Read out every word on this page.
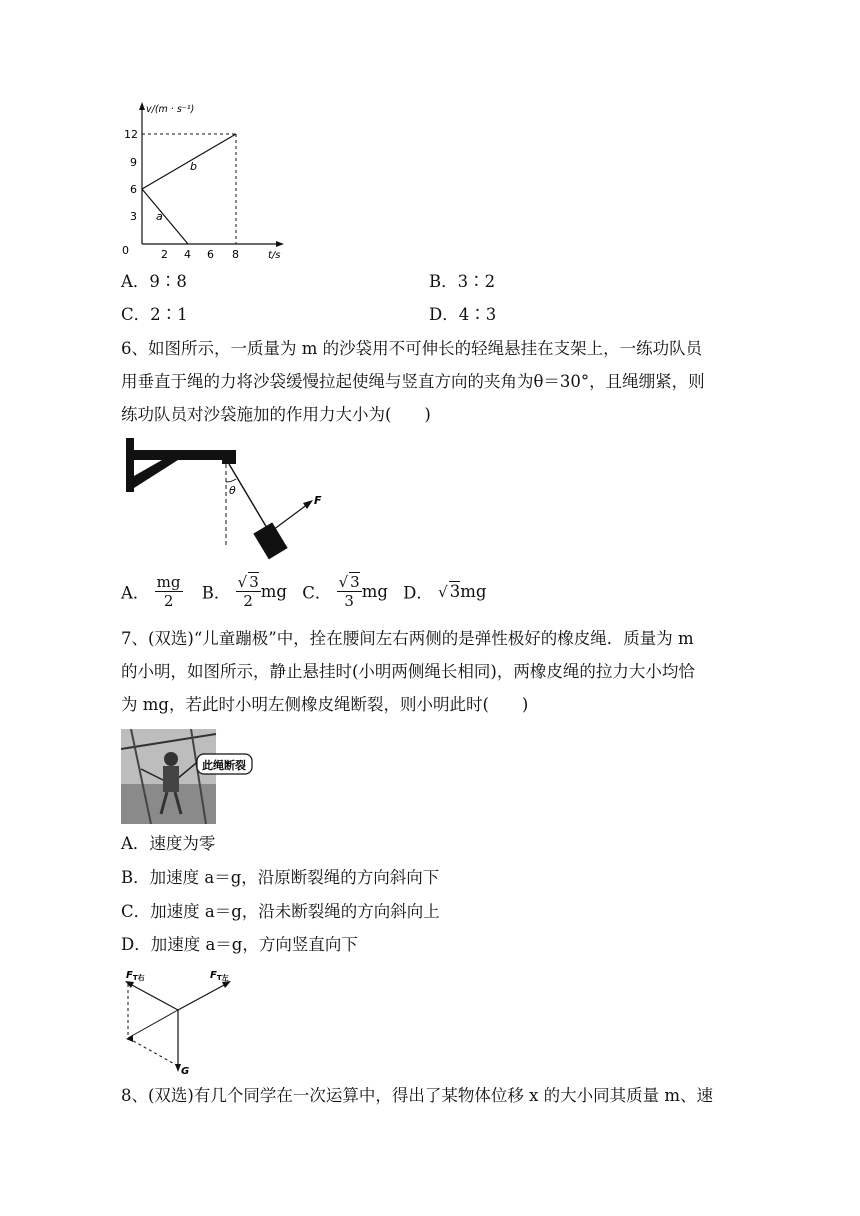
v/(m · s⁻¹)
12
9
6
3
0	2 4 6 8	t/s
b
a
A．9∶8	B．3∶2
C．2∶1	D．4∶3
6、如图所示，一质量为 m 的沙袋用不可伸长的轻绳悬挂在支架上，一练功队员
用垂直于绳的力将沙袋缓慢拉起使绳与竖直方向的夹角为θ＝30°，且绳绷紧，则
练功队员对沙袋施加的作用力大小为(　　)
θ
F
A． $\frac{mg}{2}$ B． $\frac{√ 3}{2}$ mg C． $\frac{√ 3}{3}$ mg D． √ 3mg
7、(双选)“儿童蹦极”中，拴在腰间左右两侧的是弹性极好的橡皮绳．质量为 m
的小明，如图所示，静止悬挂时(小明两侧绳长相同)，两橡皮绳的拉力大小均恰
为 mg，若此时小明左侧橡皮绳断裂，则小明此时(　　)
此绳断裂
A．速度为零
B．加速度 a＝g，沿原断裂绳的方向斜向下
C．加速度 a＝g，沿未断裂绳的方向斜向上
D．加速度 a＝g，方向竖直向下
$F_{T右}$	$F_{T左}$
G
8、(双选)有几个同学在一次运算中，得出了某物体位移 x 的大小同其质量 m、速
